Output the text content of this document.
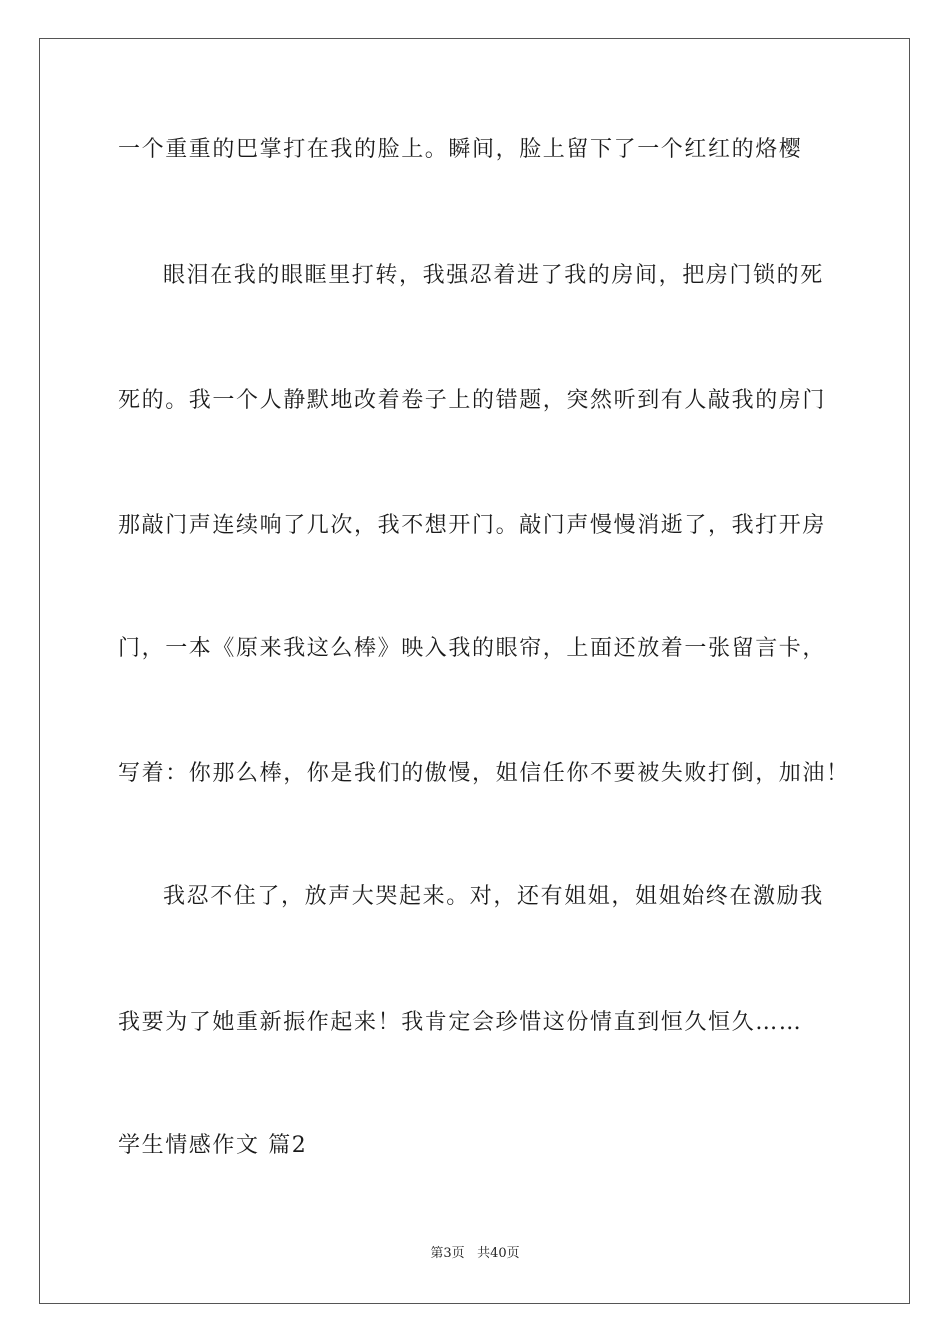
一个重重的巴掌打在我的脸上。瞬间，脸上留下了一个红红的烙樱
眼泪在我的眼眶里打转，我强忍着进了我的房间，把房门锁的死
死的。我一个人静默地改着卷子上的错题，突然听到有人敲我的房门
那敲门声连续响了几次，我不想开门。敲门声慢慢消逝了，我打开房
门，一本《原来我这么棒》映入我的眼帘，上面还放着一张留言卡，
写着：你那么棒，你是我们的傲慢，姐信任你不要被失败打倒，加油！
我忍不住了，放声大哭起来。对，还有姐姐，姐姐始终在激励我
我要为了她重新振作起来！我肯定会珍惜这份情直到恒久恒久……
学生情感作文 篇2
第3页 共40页
